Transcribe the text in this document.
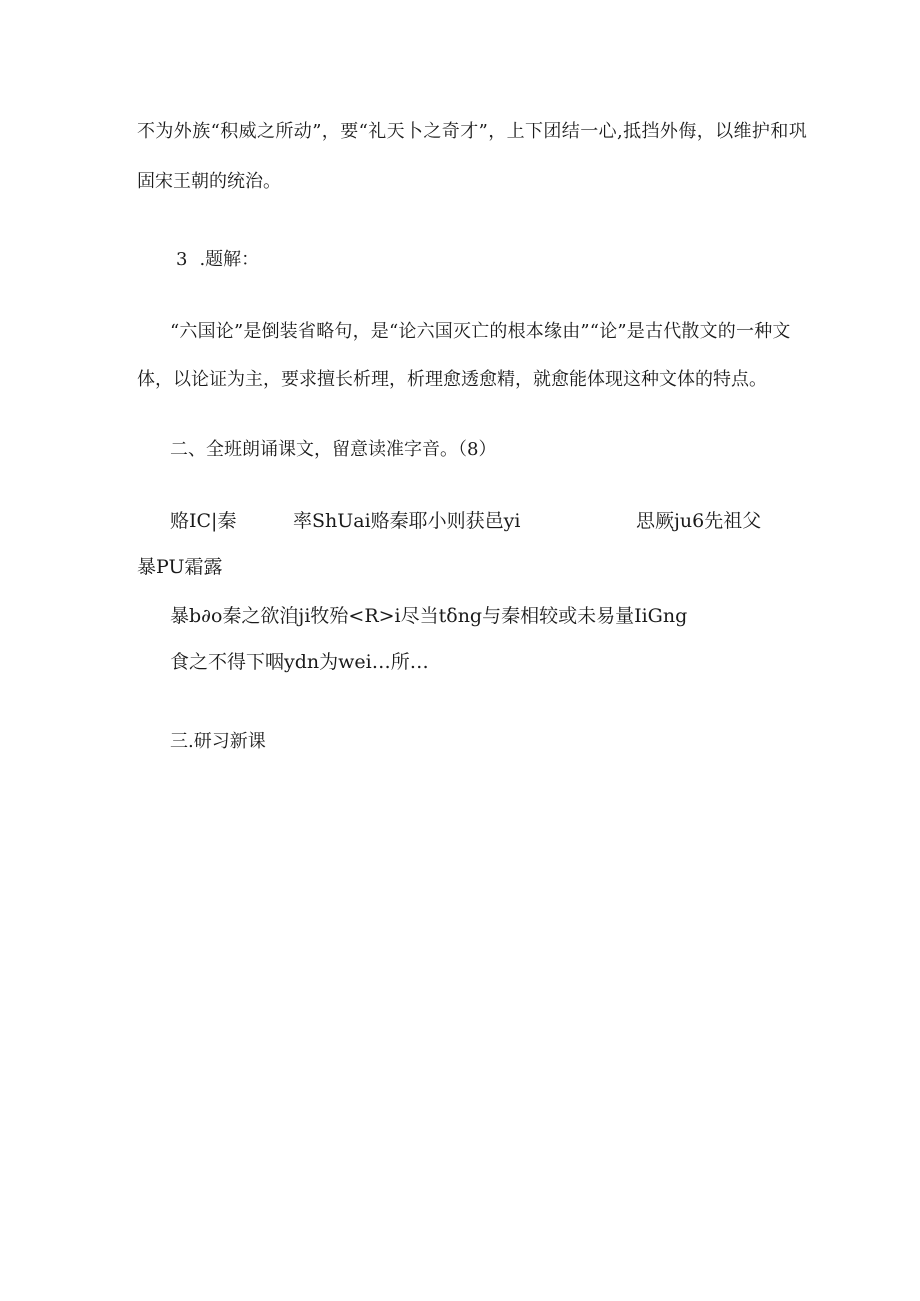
不为外族“积威之所动”，要“礼天卜之奇才”，上下团结一心,抵挡外侮，以维护和巩
固宋王朝的统治。
3 .题解：
“六国论”是倒装省略句，是“论六国灭亡的根本缘由”“论”是古代散文的一种文
体，以论证为主，要求擅长析理，析理愈透愈精，就愈能体现这种文体的特点。
二、全班朗诵课文，留意读准字音。（8）
赂IC|秦	率ShUai赂秦耶小则获邑yi	思厥ju6先祖父
暴PU霜露
暴b∂o秦之欲洎ji牧殆<R>i尽当tδng与秦相较或未易量IiGng
食之不得下咽ydn为wei…所…
三.研习新课
